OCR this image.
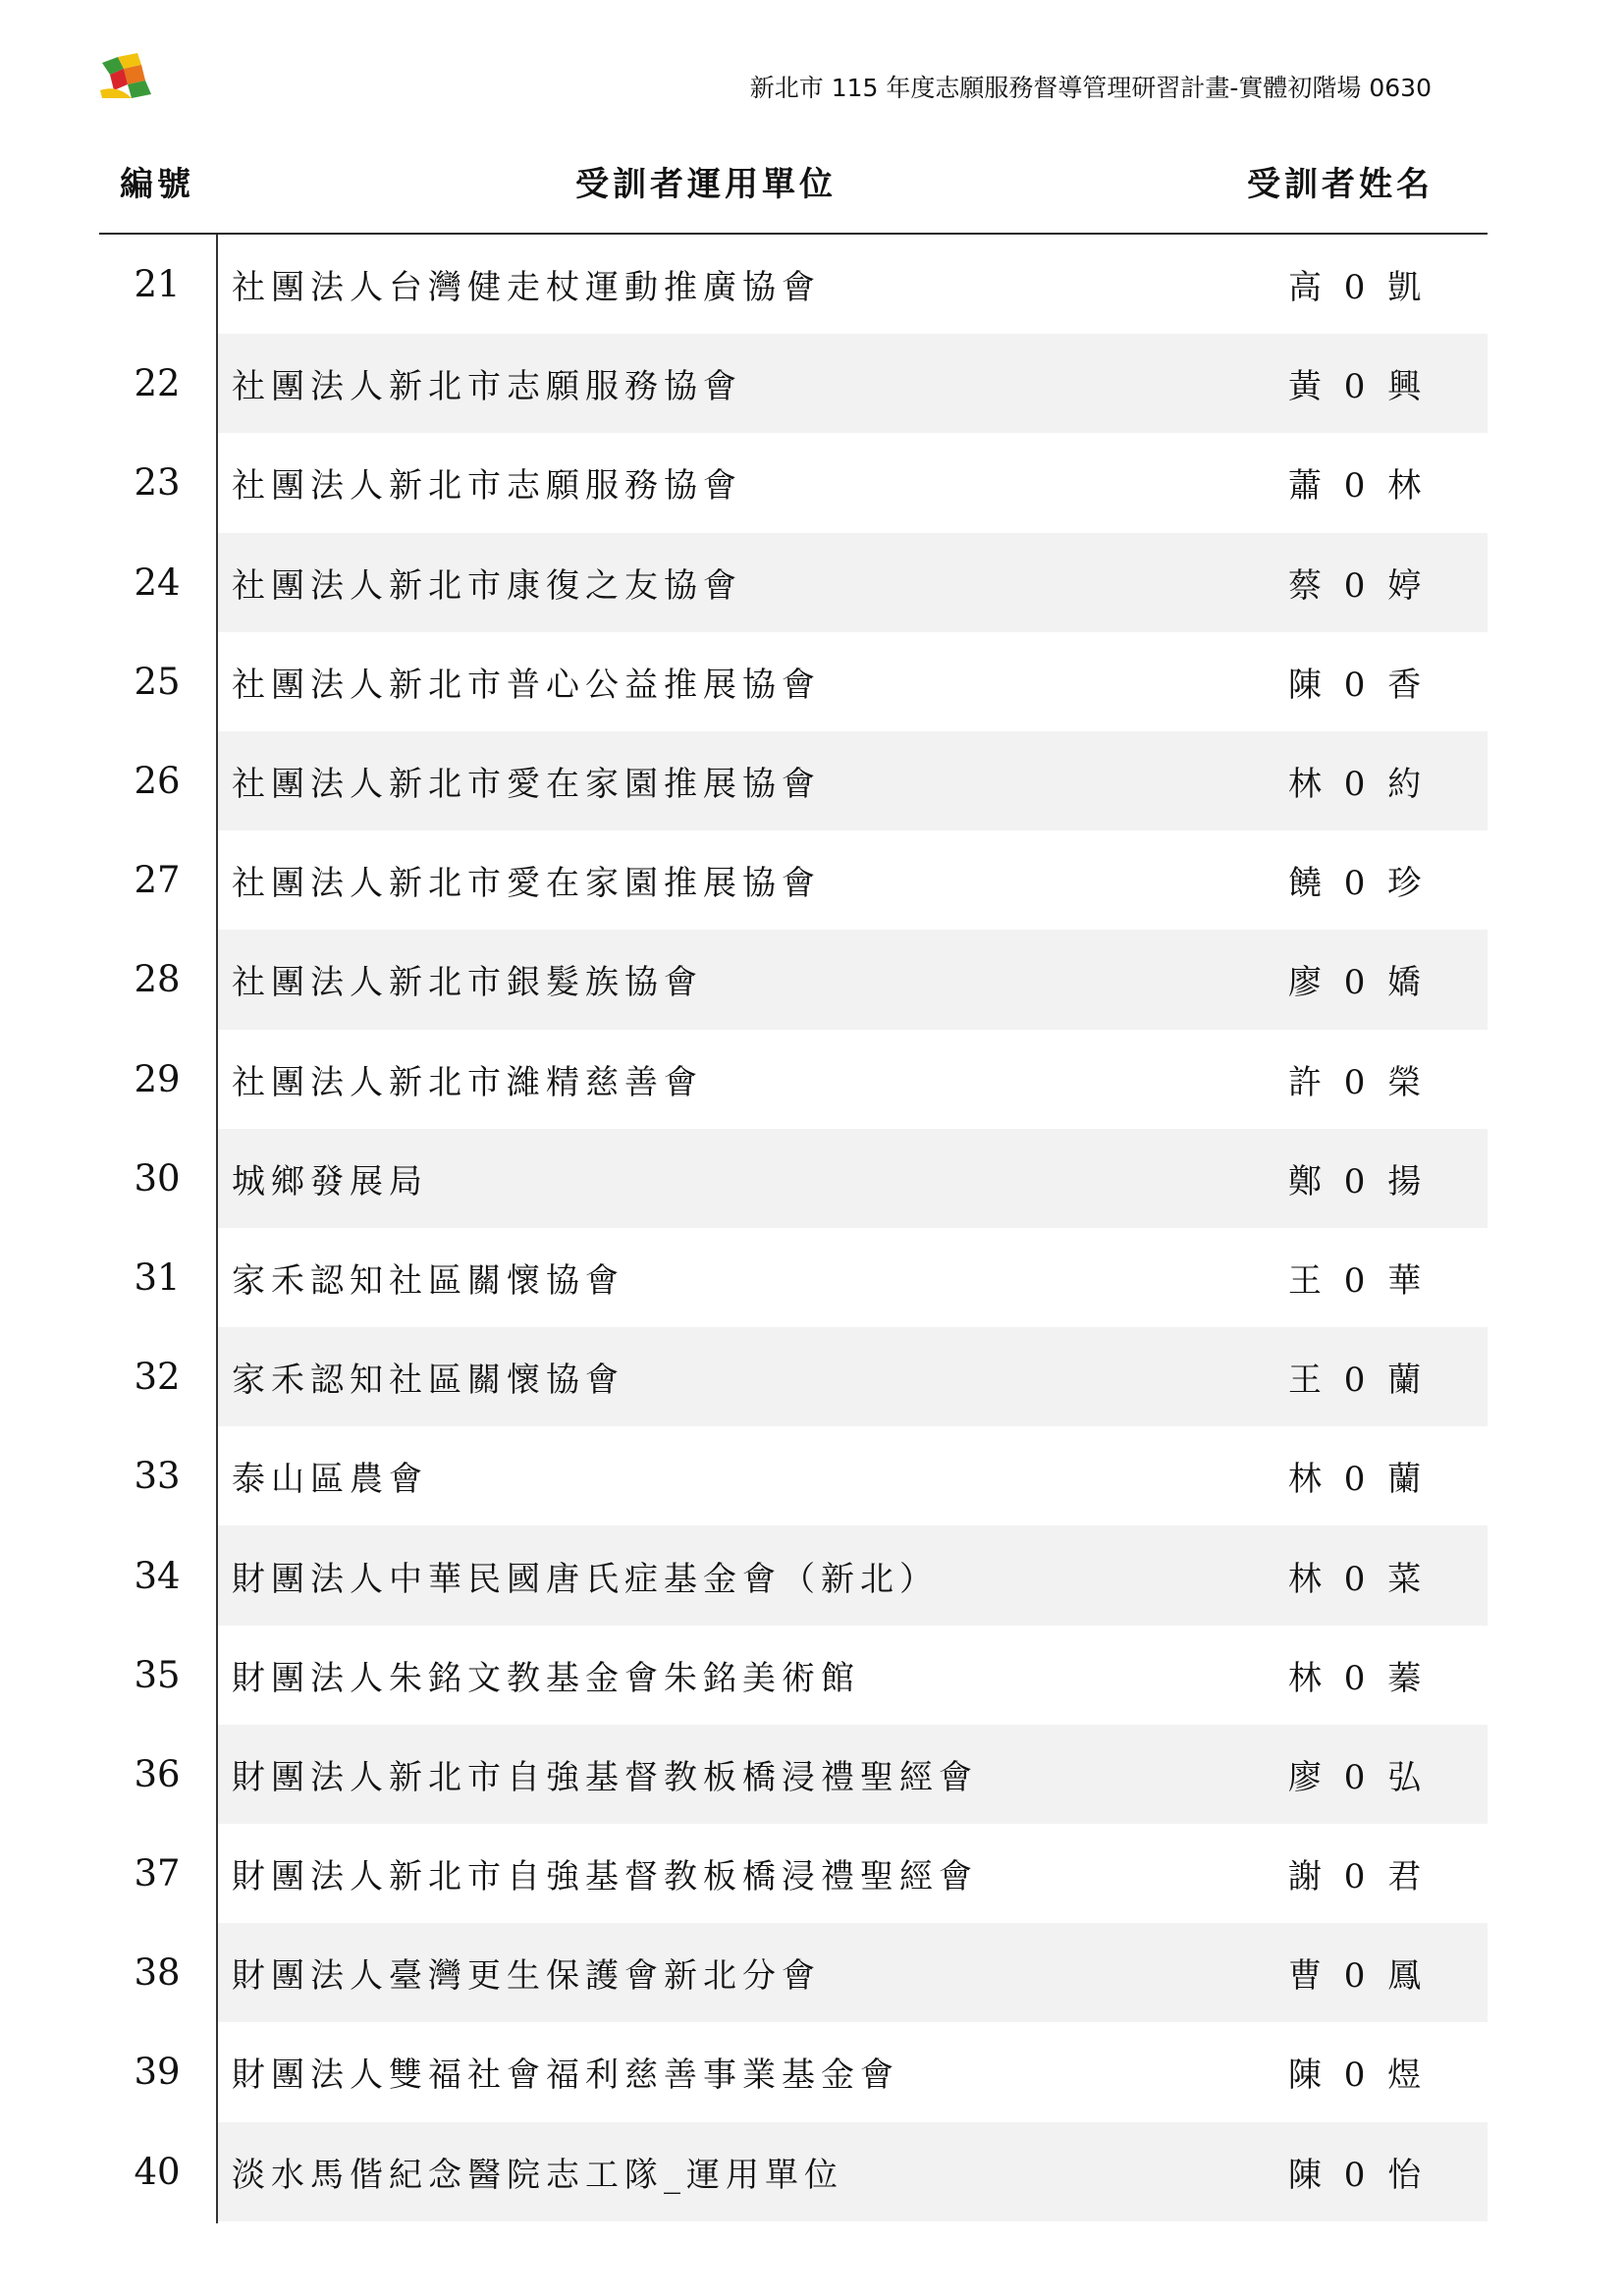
新北市 115 年度志願服務督導管理研習計畫-實體初階場 0630
編號	受訓者運用單位	受訓者姓名
21	社團法人台灣健走杖運動推廣協會	高 0 凱
22	社團法人新北市志願服務協會	黃 0 興
23	社團法人新北市志願服務協會	蕭 0 林
24	社團法人新北市康復之友協會	蔡 0 婷
25	社團法人新北市普心公益推展協會	陳 0 香
26	社團法人新北市愛在家園推展協會	林 0 約
27	社團法人新北市愛在家園推展協會	饒 0 珍
28	社團法人新北市銀髮族協會	廖 0 嬌
29	社團法人新北市濰精慈善會	許 0 榮
30	城鄉發展局	鄭 0 揚
31	家禾認知社區關懷協會	王 0 華
32	家禾認知社區關懷協會	王 0 蘭
33	泰山區農會	林 0 蘭
34	財團法人中華民國唐氏症基金會（新北）	林 0 菜
35	財團法人朱銘文教基金會朱銘美術館	林 0 蓁
36	財團法人新北市自強基督教板橋浸禮聖經會	廖 0 弘
37	財團法人新北市自強基督教板橋浸禮聖經會	謝 0 君
38	財團法人臺灣更生保護會新北分會	曹 0 鳳
39	財團法人雙福社會福利慈善事業基金會	陳 0 煜
40	淡水馬偕紀念醫院志工隊_運用單位	陳 0 怡
